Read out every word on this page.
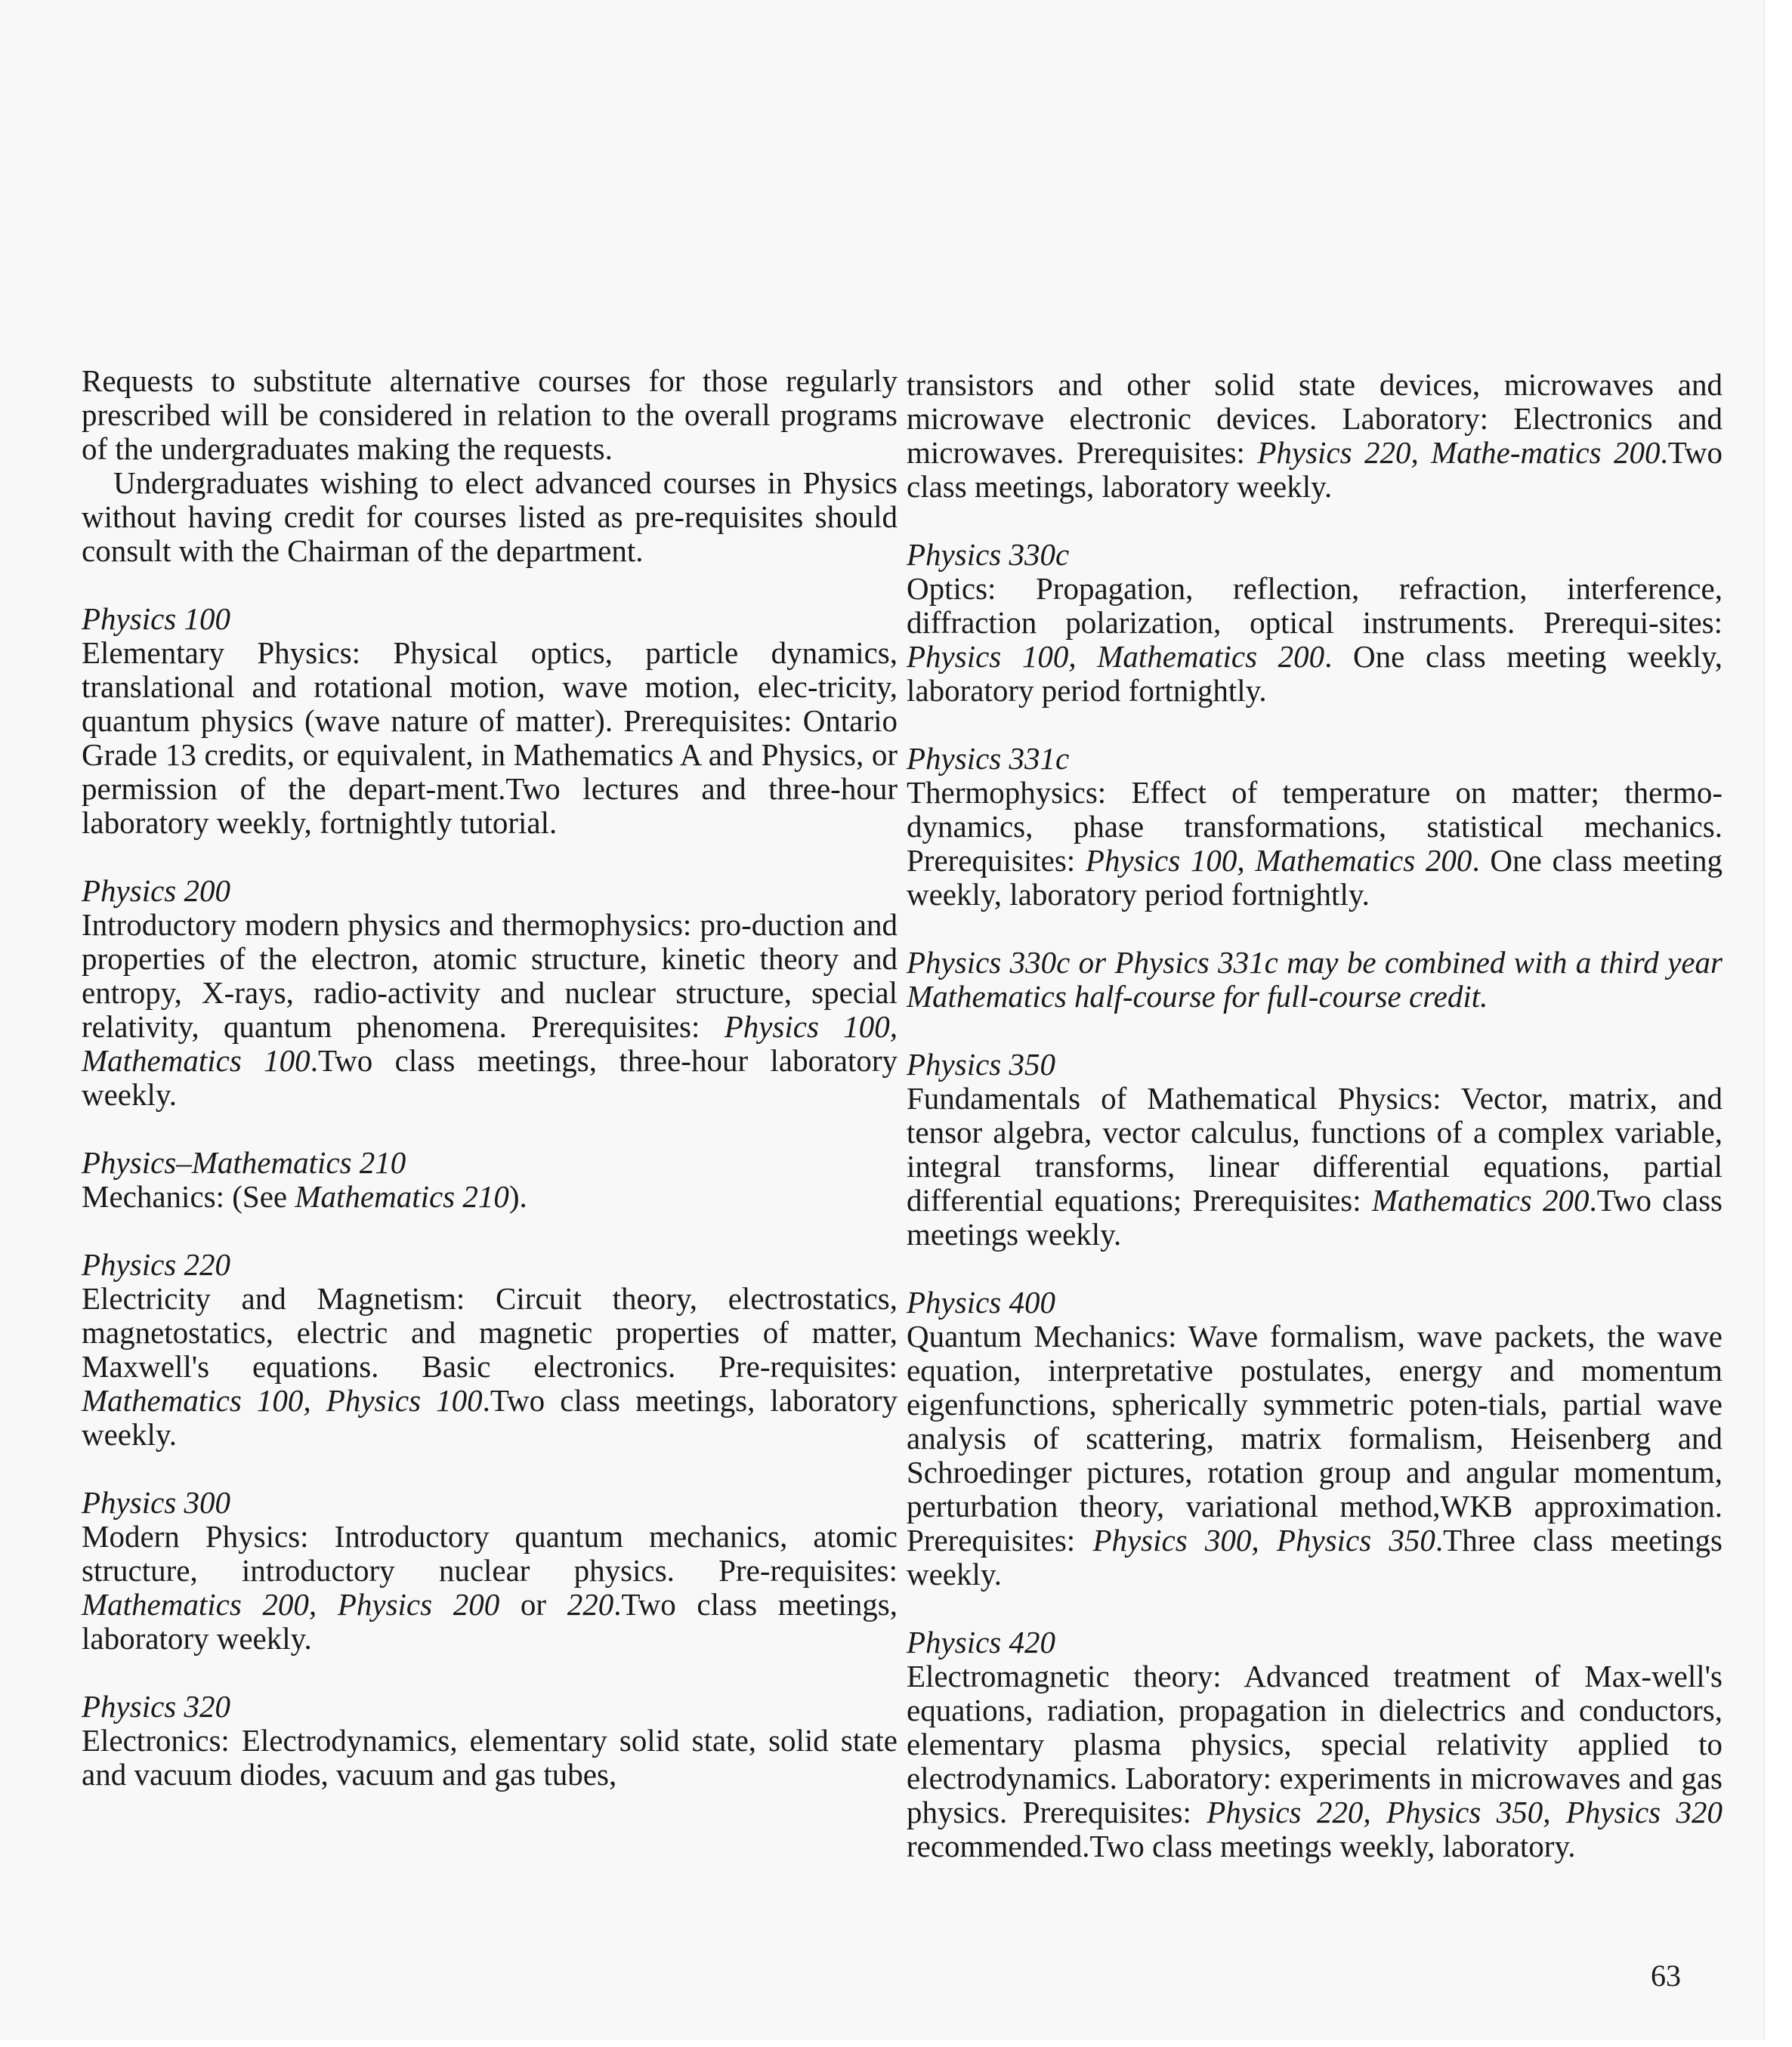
Requests to substitute alternative courses for those regularly prescribed will be considered in relation to the overall programs of the undergraduates making the requests.

Undergraduates wishing to elect advanced courses in Physics without having credit for courses listed as pre-requisites should consult with the Chairman of the department.

Physics 100

Elementary Physics: Physical optics, particle dynamics, translational and rotational motion, wave motion, elec-tricity, quantum physics (wave nature of matter). Prerequisites: Ontario Grade 13 credits, or equivalent, in Mathematics A and Physics, or permission of the depart-ment.Two lectures and three-hour laboratory weekly, fortnightly tutorial.

Physics 200

Introductory modern physics and thermophysics: pro-duction and properties of the electron, atomic structure, kinetic theory and entropy, X-rays, radio-activity and nuclear structure, special relativity, quantum phenomena. Prerequisites: Physics 100, Mathematics 100.Two class meetings, three-hour laboratory weekly.

Physics–Mathematics 210

Mechanics: (See Mathematics 210).

Physics 220

Electricity and Magnetism: Circuit theory, electrostatics, magnetostatics, electric and magnetic properties of matter, Maxwell's equations. Basic electronics. Pre-requisites: Mathematics 100, Physics 100.Two class meetings, laboratory weekly.

Physics 300

Modern Physics: Introductory quantum mechanics, atomic structure, introductory nuclear physics. Pre-requisites: Mathematics 200, Physics 200 or 220.Two class meetings, laboratory weekly.

Physics 320

Electronics: Electrodynamics, elementary solid state, solid state and vacuum diodes, vacuum and gas tubes,

transistors and other solid state devices, microwaves and microwave electronic devices. Laboratory: Electronics and microwaves. Prerequisites: Physics 220, Mathe-matics 200.Two class meetings, laboratory weekly.

Physics 330c

Optics: Propagation, reflection, refraction, interference, diffraction polarization, optical instruments. Prerequi-sites: Physics 100, Mathematics 200. One class meeting weekly, laboratory period fortnightly.

Physics 331c

Thermophysics: Effect of temperature on matter; thermo-dynamics, phase transformations, statistical mechanics. Prerequisites: Physics 100, Mathematics 200. One class meeting weekly, laboratory period fortnightly.

Physics 330c or Physics 331c may be combined with a third year Mathematics half-course for full-course credit.

Physics 350

Fundamentals of Mathematical Physics: Vector, matrix, and tensor algebra, vector calculus, functions of a complex variable, integral transforms, linear differential equations, partial differential equations; Prerequisites: Mathematics 200.Two class meetings weekly.

Physics 400

Quantum Mechanics: Wave formalism, wave packets, the wave equation, interpretative postulates, energy and momentum eigenfunctions, spherically symmetric poten-tials, partial wave analysis of scattering, matrix formalism, Heisenberg and Schroedinger pictures, rotation group and angular momentum, perturbation theory, variational method,WKB approximation. Prerequisites: Physics 300, Physics 350.Three class meetings weekly.

Physics 420

Electromagnetic theory: Advanced treatment of Max-well's equations, radiation, propagation in dielectrics and conductors, elementary plasma physics, special relativity applied to electrodynamics. Laboratory: experiments in microwaves and gas physics. Prerequisites: Physics 220, Physics 350, Physics 320 recommended.Two class meetings weekly, laboratory.

63
